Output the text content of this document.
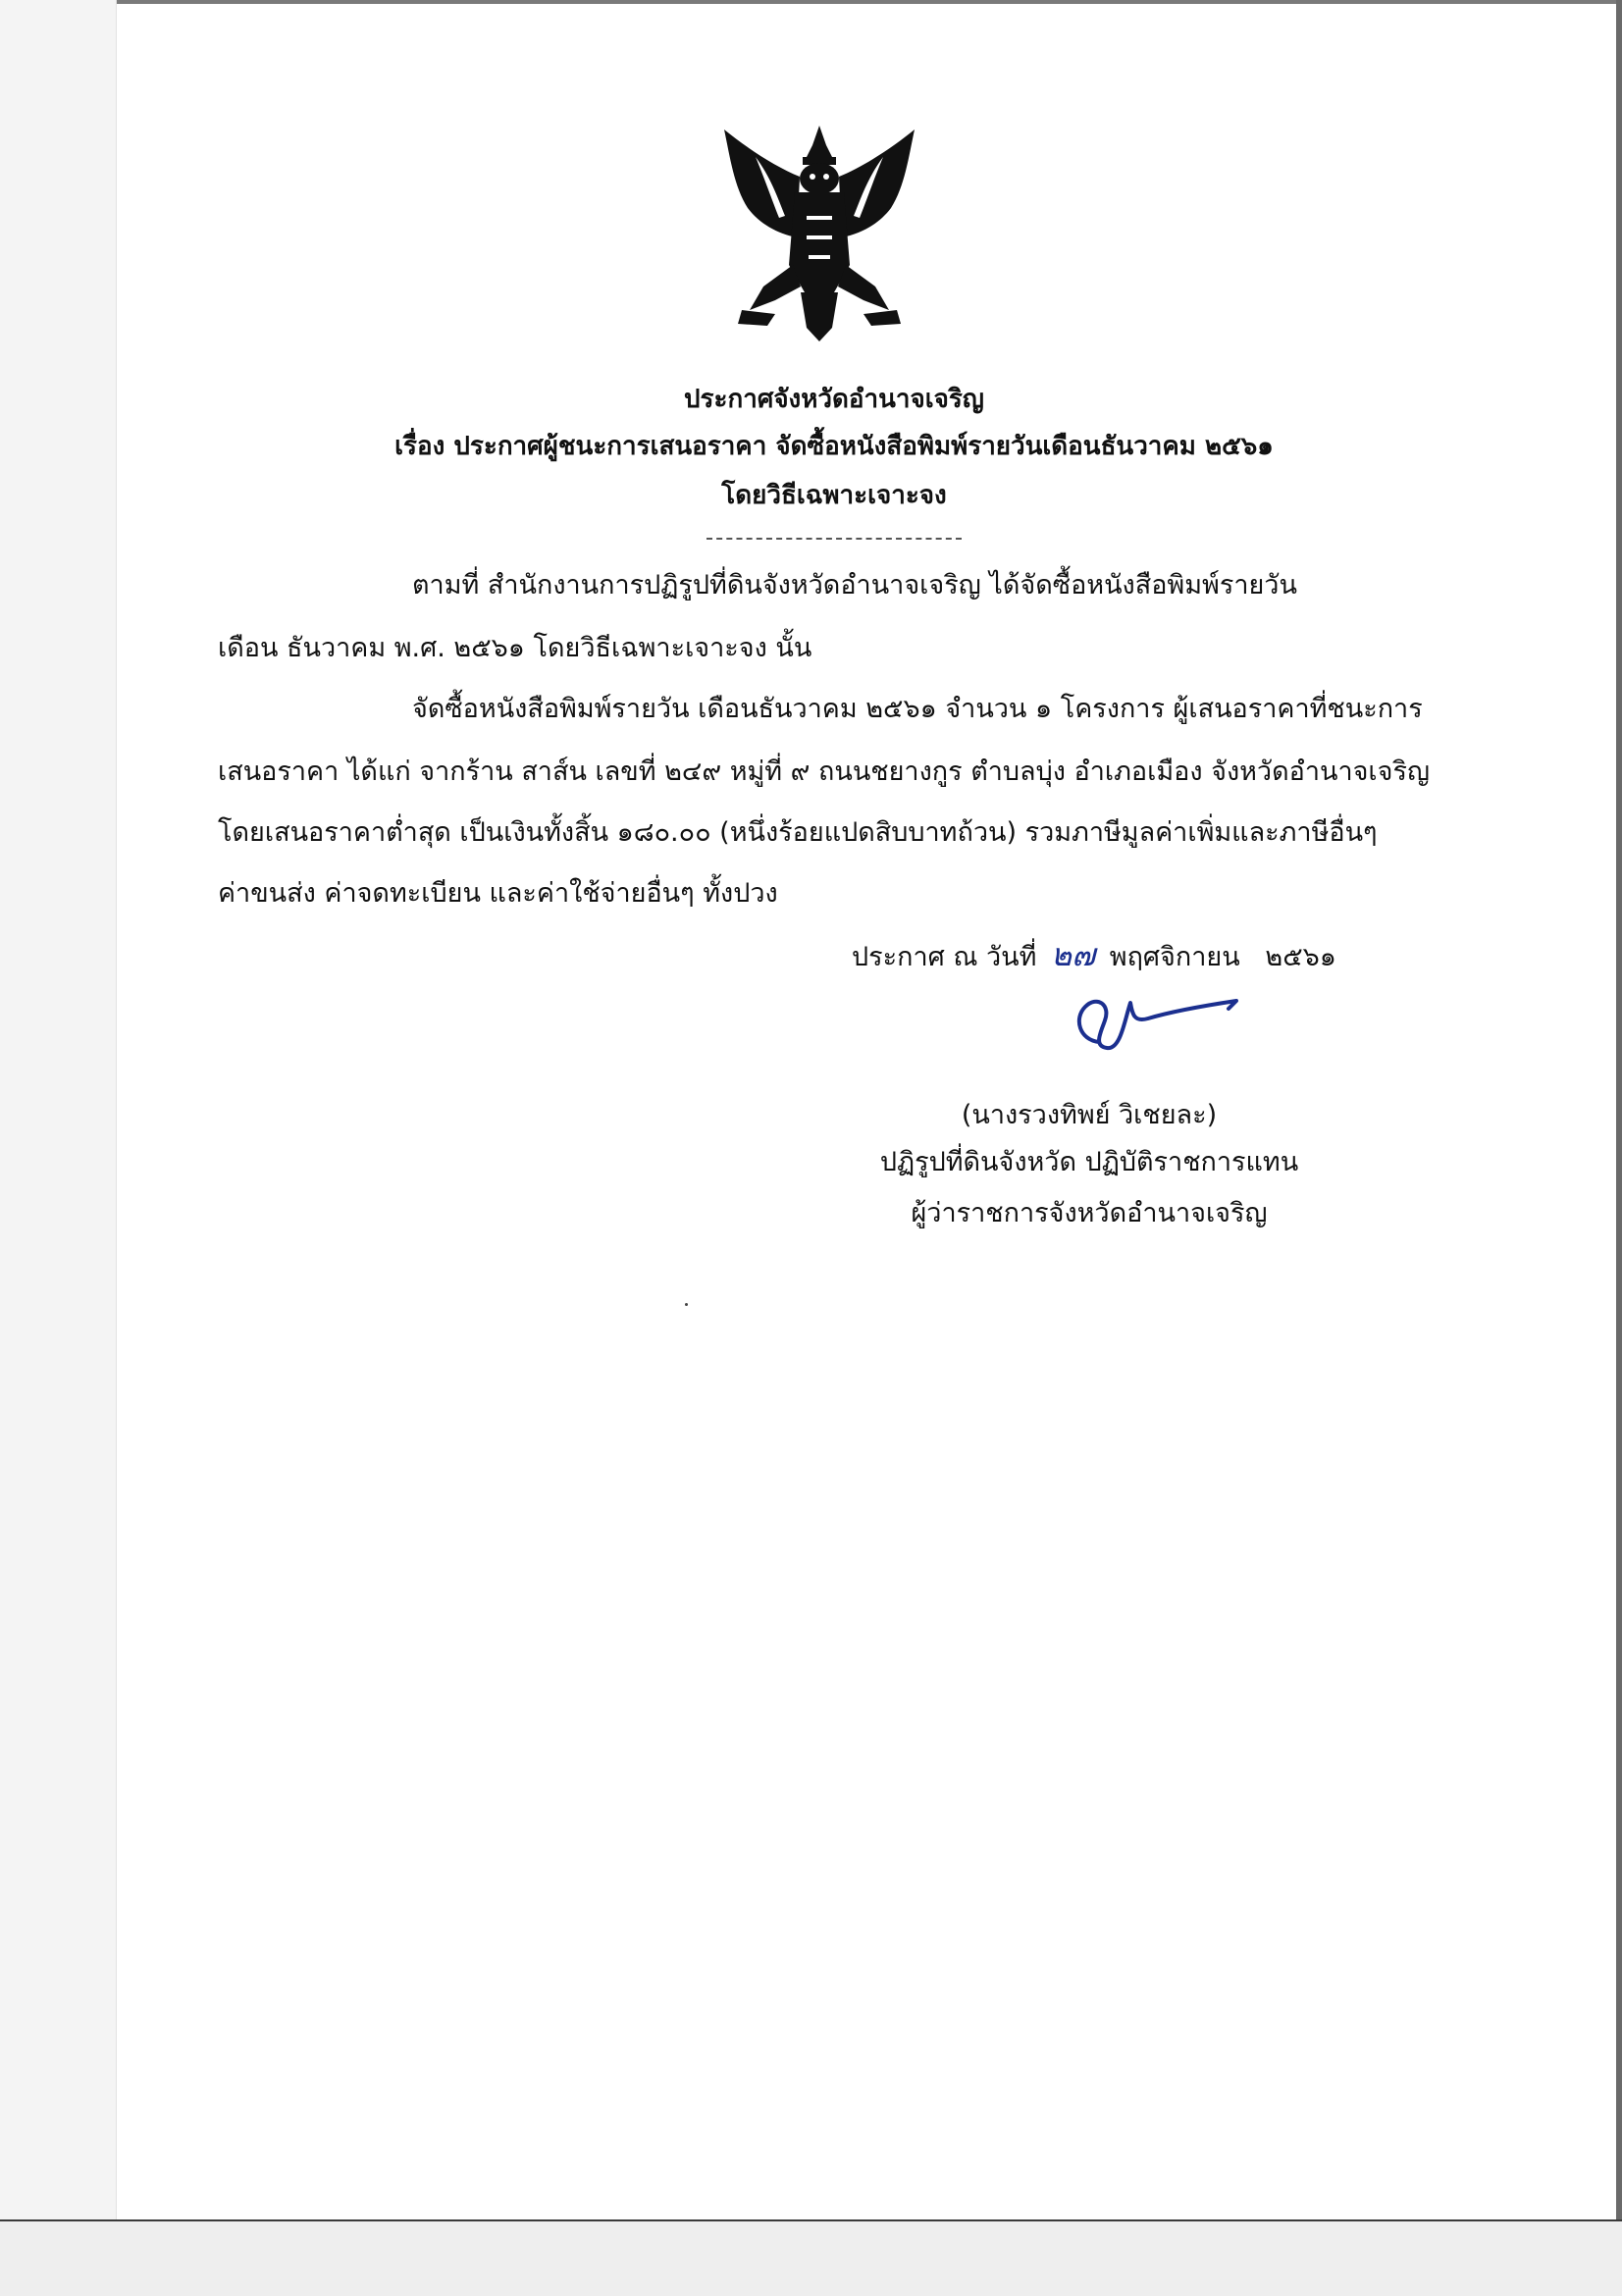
ประกาศจังหวัดอำนาจเจริญ
เรื่อง ประกาศผู้ชนะการเสนอราคา จัดซื้อหนังสือพิมพ์รายวันเดือนธันวาคม ๒๕๖๑
โดยวิธีเฉพาะเจาะจง
ตามที่ สำนักงานการปฏิรูปที่ดินจังหวัดอำนาจเจริญ ได้จัดซื้อหนังสือพิมพ์รายวัน
เดือน ธันวาคม พ.ศ. ๒๕๖๑ โดยวิธีเฉพาะเจาะจง นั้น
จัดซื้อหนังสือพิมพ์รายวัน เดือนธันวาคม ๒๕๖๑ จำนวน ๑ โครงการ ผู้เสนอราคาที่ชนะการ
เสนอราคา ได้แก่ จากร้าน สาส์น เลขที่ ๒๔๙ หมู่ที่ ๙ ถนนชยางกูร ตำบลบุ่ง อำเภอเมือง จังหวัดอำนาจเจริญ
โดยเสนอราคาต่ำสุด เป็นเงินทั้งสิ้น ๑๘๐.๐๐ (หนึ่งร้อยแปดสิบบาทถ้วน) รวมภาษีมูลค่าเพิ่มและภาษีอื่นๆ
ค่าขนส่ง ค่าจดทะเบียน และค่าใช้จ่ายอื่นๆ ทั้งปวง
ประกาศ ณ วันที่ ๒๗ พฤศจิกายน ๒๕๖๑
(นางรวงทิพย์ วิเชยละ)
ปฏิรูปที่ดินจังหวัด ปฏิบัติราชการแทน
ผู้ว่าราชการจังหวัดอำนาจเจริญ
